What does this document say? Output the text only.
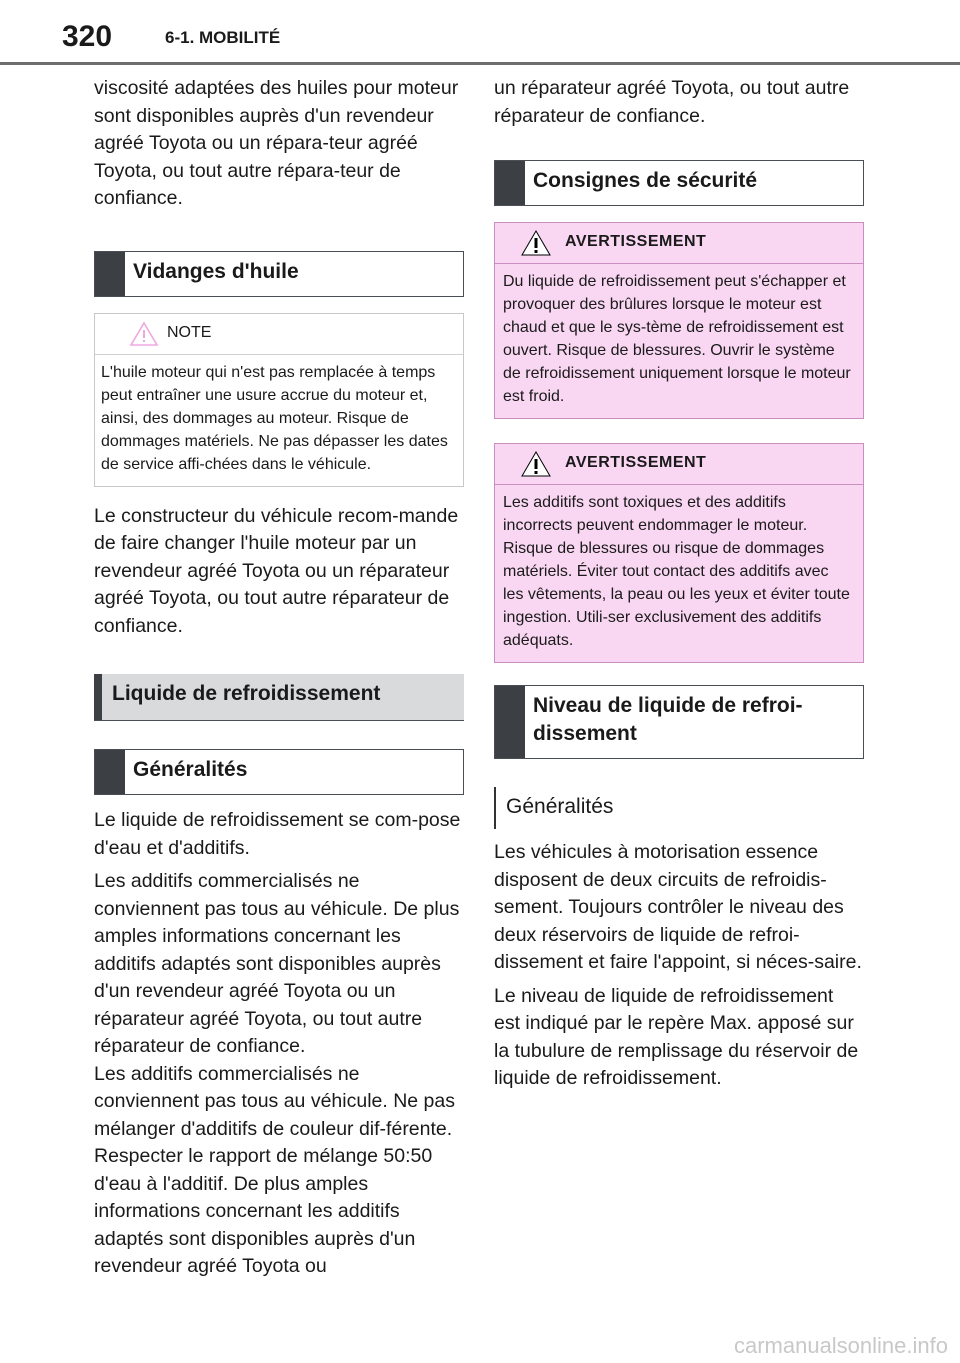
320	6-1. MOBILITÉ

viscosité adaptées des huiles pour moteur sont disponibles auprès d'un revendeur agréé Toyota ou un répara-teur agréé Toyota, ou tout autre répara-teur de confiance.

Vidanges d'huile
NOTE
L'huile moteur qui n'est pas remplacée à temps peut entraîner une usure accrue du moteur et, ainsi, des dommages au moteur. Risque de dommages matériels. Ne pas dépasser les dates de service affi-chées dans le véhicule.

Le constructeur du véhicule recom-mande de faire changer l'huile moteur par un revendeur agréé Toyota ou un réparateur agréé Toyota, ou tout autre réparateur de confiance.

Liquide de refroidissement
Généralités

Le liquide de refroidissement se com-pose d'eau et d'additifs.

Les additifs commercialisés ne conviennent pas tous au véhicule. De plus amples informations concernant les additifs adaptés sont disponibles auprès d'un revendeur agréé Toyota ou un réparateur agréé Toyota, ou tout autre réparateur de confiance.

Les additifs commercialisés ne conviennent pas tous au véhicule. Ne pas mélanger d'additifs de couleur dif-férente. Respecter le rapport de mélange 50:50 d'eau à l'additif. De plus amples informations concernant les additifs adaptés sont disponibles auprès d'un revendeur agréé Toyota ou

un réparateur agréé Toyota, ou tout autre réparateur de confiance.

Consignes de sécurité
AVERTISSEMENT
Du liquide de refroidissement peut s'échapper et provoquer des brûlures lorsque le moteur est chaud et que le sys-tème de refroidissement est ouvert. Risque de blessures. Ouvrir le système de refroidissement uniquement lorsque le moteur est froid.
AVERTISSEMENT
Les additifs sont toxiques et des additifs incorrects peuvent endommager le moteur. Risque de blessures ou risque de dommages matériels. Éviter tout contact des additifs avec les vêtements, la peau ou les yeux et éviter toute ingestion. Utili-ser exclusivement des additifs adéquats.
Niveau de liquide de refroi-dissement
Généralités

Les véhicules à motorisation essence disposent de deux circuits de refroidis-sement. Toujours contrôler le niveau des deux réservoirs de liquide de refroi-dissement et faire l'appoint, si néces-saire.

Le niveau de liquide de refroidissement est indiqué par le repère Max. apposé sur la tubulure de remplissage du réservoir de liquide de refroidissement.

carmanualsonline.info
